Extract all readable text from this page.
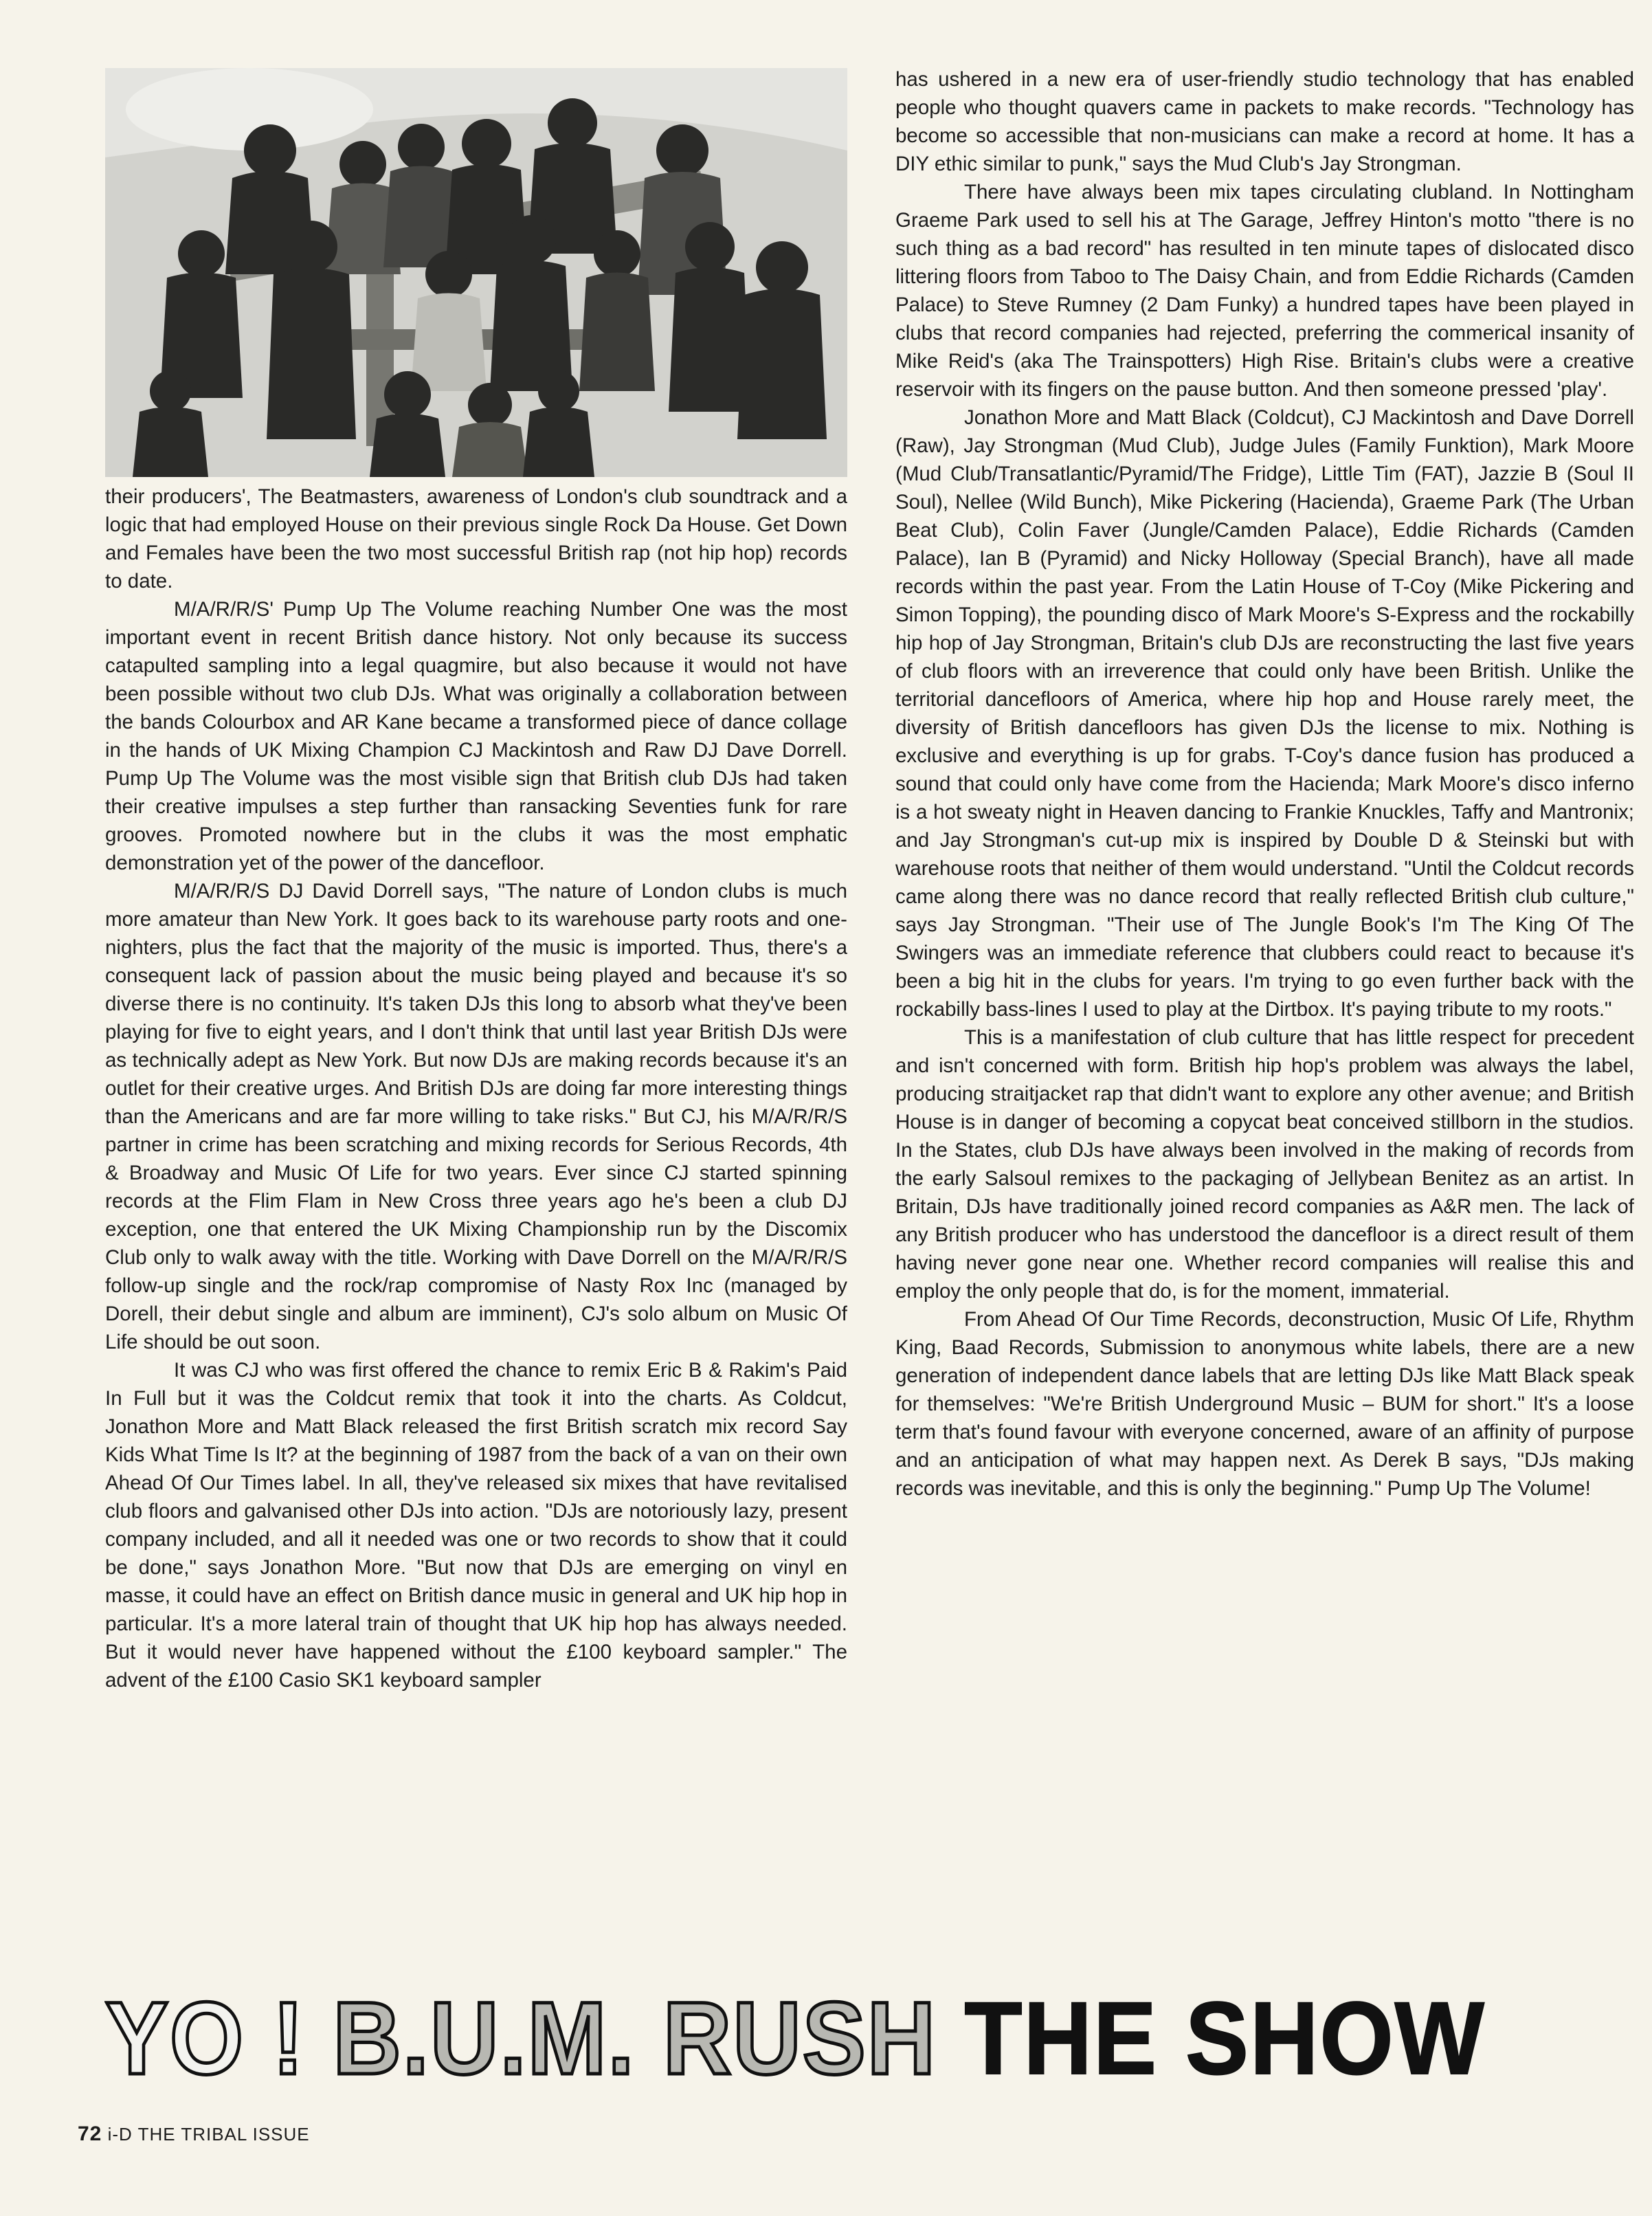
their producers', The Beatmasters, awareness of London's club soundtrack and a logic that had employed House on their previous single Rock Da House. Get Down and Females have been the two most successful British rap (not hip hop) records to date.

M/A/R/R/S' Pump Up The Volume reaching Number One was the most important event in recent British dance history. Not only because its success catapulted sampling into a legal quagmire, but also because it would not have been possible without two club DJs. What was originally a collaboration between the bands Colourbox and AR Kane became a transformed piece of dance collage in the hands of UK Mixing Champion CJ Mackintosh and Raw DJ Dave Dorrell. Pump Up The Volume was the most visible sign that British club DJs had taken their creative impulses a step further than ransacking Seventies funk for rare grooves. Promoted nowhere but in the clubs it was the most emphatic demonstration yet of the power of the dancefloor.

M/A/R/R/S DJ David Dorrell says, "The nature of London clubs is much more amateur than New York. It goes back to its warehouse party roots and one-nighters, plus the fact that the majority of the music is imported. Thus, there's a consequent lack of passion about the music being played and because it's so diverse there is no continuity. It's taken DJs this long to absorb what they've been playing for five to eight years, and I don't think that until last year British DJs were as technically adept as New York. But now DJs are making records because it's an outlet for their creative urges. And British DJs are doing far more interesting things than the Americans and are far more willing to take risks." But CJ, his M/A/R/R/S partner in crime has been scratching and mixing records for Serious Records, 4th & Broadway and Music Of Life for two years. Ever since CJ started spinning records at the Flim Flam in New Cross three years ago he's been a club DJ exception, one that entered the UK Mixing Championship run by the Discomix Club only to walk away with the title. Working with Dave Dorrell on the M/A/R/R/S follow-up single and the rock/rap compromise of Nasty Rox Inc (managed by Dorell, their debut single and album are imminent), CJ's solo album on Music Of Life should be out soon.

It was CJ who was first offered the chance to remix Eric B & Rakim's Paid In Full but it was the Coldcut remix that took it into the charts. As Coldcut, Jonathon More and Matt Black released the first British scratch mix record Say Kids What Time Is It? at the beginning of 1987 from the back of a van on their own Ahead Of Our Times label. In all, they've released six mixes that have revitalised club floors and galvanised other DJs into action. "DJs are notoriously lazy, present company included, and all it needed was one or two records to show that it could be done," says Jonathon More. "But now that DJs are emerging on vinyl en masse, it could have an effect on British dance music in general and UK hip hop in particular. It's a more lateral train of thought that UK hip hop has always needed. But it would never have happened without the £100 keyboard sampler." The advent of the £100 Casio SK1 keyboard sampler

has ushered in a new era of user-friendly studio technology that has enabled people who thought quavers came in packets to make records. "Technology has become so accessible that non-musicians can make a record at home. It has a DIY ethic similar to punk," says the Mud Club's Jay Strongman.

There have always been mix tapes circulating clubland. In Nottingham Graeme Park used to sell his at The Garage, Jeffrey Hinton's motto "there is no such thing as a bad record" has resulted in ten minute tapes of dislocated disco littering floors from Taboo to The Daisy Chain, and from Eddie Richards (Camden Palace) to Steve Rumney (2 Dam Funky) a hundred tapes have been played in clubs that record companies had rejected, preferring the commerical insanity of Mike Reid's (aka The Trainspotters) High Rise. Britain's clubs were a creative reservoir with its fingers on the pause button. And then someone pressed 'play'.

Jonathon More and Matt Black (Coldcut), CJ Mackintosh and Dave Dorrell (Raw), Jay Strongman (Mud Club), Judge Jules (Family Funktion), Mark Moore (Mud Club/Transatlantic/Pyramid/The Fridge), Little Tim (FAT), Jazzie B (Soul II Soul), Nellee (Wild Bunch), Mike Pickering (Hacienda), Graeme Park (The Urban Beat Club), Colin Faver (Jungle/Camden Palace), Eddie Richards (Camden Palace), Ian B (Pyramid) and Nicky Holloway (Special Branch), have all made records within the past year. From the Latin House of T-Coy (Mike Pickering and Simon Topping), the pounding disco of Mark Moore's S-Express and the rockabilly hip hop of Jay Strongman, Britain's club DJs are reconstructing the last five years of club floors with an irreverence that could only have been British. Unlike the territorial dancefloors of America, where hip hop and House rarely meet, the diversity of British dancefloors has given DJs the license to mix. Nothing is exclusive and everything is up for grabs. T-Coy's dance fusion has produced a sound that could only have come from the Hacienda; Mark Moore's disco inferno is a hot sweaty night in Heaven dancing to Frankie Knuckles, Taffy and Mantronix; and Jay Strongman's cut-up mix is inspired by Double D & Steinski but with warehouse roots that neither of them would understand. "Until the Coldcut records came along there was no dance record that really reflected British club culture," says Jay Strongman. "Their use of The Jungle Book's I'm The King Of The Swingers was an immediate reference that clubbers could react to because it's been a big hit in the clubs for years. I'm trying to go even further back with the rockabilly bass-lines I used to play at the Dirtbox. It's paying tribute to my roots."

This is a manifestation of club culture that has little respect for precedent and isn't concerned with form. British hip hop's problem was always the label, producing straitjacket rap that didn't want to explore any other avenue; and British House is in danger of becoming a copycat beat conceived stillborn in the studios. In the States, club DJs have always been involved in the making of records from the early Salsoul remixes to the packaging of Jellybean Benitez as an artist. In Britain, DJs have traditionally joined record companies as A&R men. The lack of any British producer who has understood the dancefloor is a direct result of them having never gone near one. Whether record companies will realise this and employ the only people that do, is for the moment, immaterial.

From Ahead Of Our Time Records, deconstruction, Music Of Life, Rhythm King, Baad Records, Submission to anonymous white labels, there are a new generation of independent dance labels that are letting DJs like Matt Black speak for themselves: "We're British Underground Music – BUM for short." It's a loose term that's found favour with everyone concerned, aware of an affinity of purpose and an anticipation of what may happen next. As Derek B says, "DJs making records was inevitable, and this is only the beginning." Pump Up The Volume!

YO ! B.U.M. RUSH THE SHOW
72 i-D THE TRIBAL ISSUE
